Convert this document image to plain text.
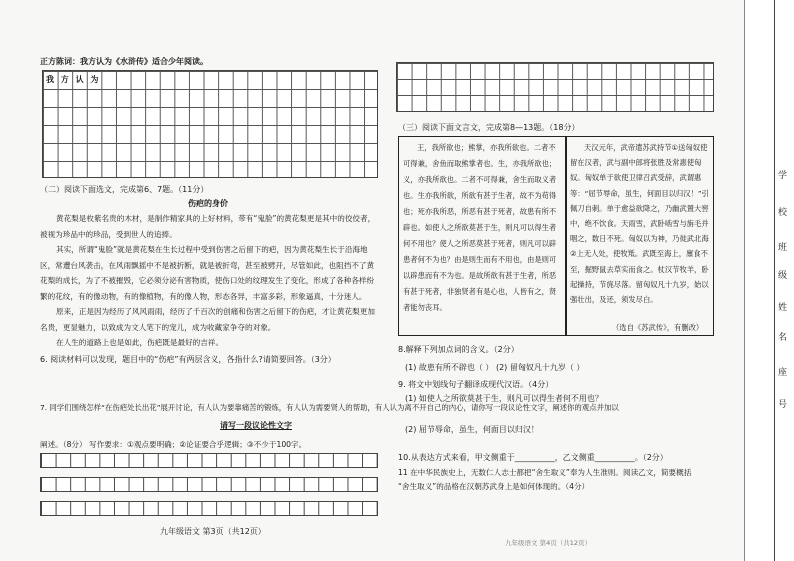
正方陈词：我方认为《水浒传》适合少年阅读。
我 方 认 为
（二）阅读下面选文，完成第6、7题。（11分）
伤疤的身价
黄花梨是枚紫名贵的木材，是制作精家具的上好材料，带有“鬼脸”的黄花梨更是其中的佼佼者，被视为珍品中的珍品，受到世人的追捧。
其实，所谓“鬼脸”就是黄花梨在生长过程中受到伤害之后留下的疤，因为黄花梨生长于沿海地区，常遭台风袭击，在风雨飘摇中不是被折断，就是被折弯，甚至被劈开，尽管如此，也阻挡不了黄花梨的成长，为了不被摧毁，它必须分泌有害物质，使伤口处的纹理发生了变化，形成了各种各样纷繁的花纹，有的像动物，有的像植物，有的像人物，形态各异，丰富多彩，形象逼真，十分迷人。
原来，正是因为经历了风风雨雨，经历了千百次的创痛和伤害之后留下的伤疤，才让黄花梨更加名贵，更显魅力，以致成为文人笔下的宠儿，成为收藏家争夺的对象。
在人生的道路上也是如此，伤疤既是最好的吉祥。
6. 阅读材料可以发现，题目中的“伤疤”有两层含义，各指什么?请简要回答。（3分）
7. 同学们围绕怎样“在伤疤处长出花”展开讨论，有人认为要靠痛苦的锻炼，有人认为需要贤人的帮助，有人认为离不开自己的内心，请你写一段议论性文字，阐述你的观点并加以
阐述。（8分） 写作要求：①观点要明确；②论证要合乎逻辑；③不少于100字。
请写一段议论性文字
九年级语文 第3页（共12页）
（三）阅读下面文言文，完成第8—13题。（18分）
王，我所欲也；熊掌，亦我所欲也。二者不可得兼，舍鱼而取熊掌者也。生，亦我所欲也；义，亦我所欲也。二者不可得兼，舍生而取义者也。生亦我所欲，所欲有甚于生者，故不为苟得也；死亦我所恶，所恶有甚于死者，故患有所不辟也。如使人之所欲莫甚于生，则凡可以得生者何不用也？使人之所恶莫甚于死者，则凡可以辟患者何不为也？由是则生而有不用也，由是则可以辟患而有不为也。是故所欲有甚于生者，所恶有甚于死者，非独贤者有是心也，人皆有之，贤者能勿丧耳。
天汉元年，武帝遣苏武持节①送匈奴使留在汉者，武与副中郎将张胜及常惠使匈奴。匈奴单于欲使卫律召武受辞，武谓惠等：“屈节辱命，虽生，何面目以归汉！”引佩刀自刺。单于愈益欲降之，乃幽武置大窖中，绝不饮食。天雨雪，武卧啮雪与旃毛并咽之，数日不死。匈奴以为神，乃徙武北海②上无人处，使牧羝。武既至海上，廪食不至，掘野鼠去草实而食之。杖汉节牧羊，卧起操持，节旄尽落。留匈奴凡十九岁，始以强壮出，及还，须发尽白。
（选自《苏武传》，有删改）
8.解释下列加点词的含义。（2分）
(1) 故患有所不辟也（ ） (2) 留匈奴凡十九岁（ ）
9. 将文中划线句子翻译成现代汉语。（4分）
(1) 如使人之所欲莫甚于生，则凡可以得生者何不用也？
(2) 屈节辱命，虽生，何面目以归汉！
10.从表达方式来看，甲文侧重于__________，乙文侧重__________。（2分）
11 在中华民族史上，无数仁人志士都把“舍生取义”奉为人生准则。阅读乙文，简要概括
“舍生取义”的品格在汉朝苏武身上是如何体现的。（4分）
九年级语文 第4页（共12页）
学
校
班
级
姓
名
座
号
